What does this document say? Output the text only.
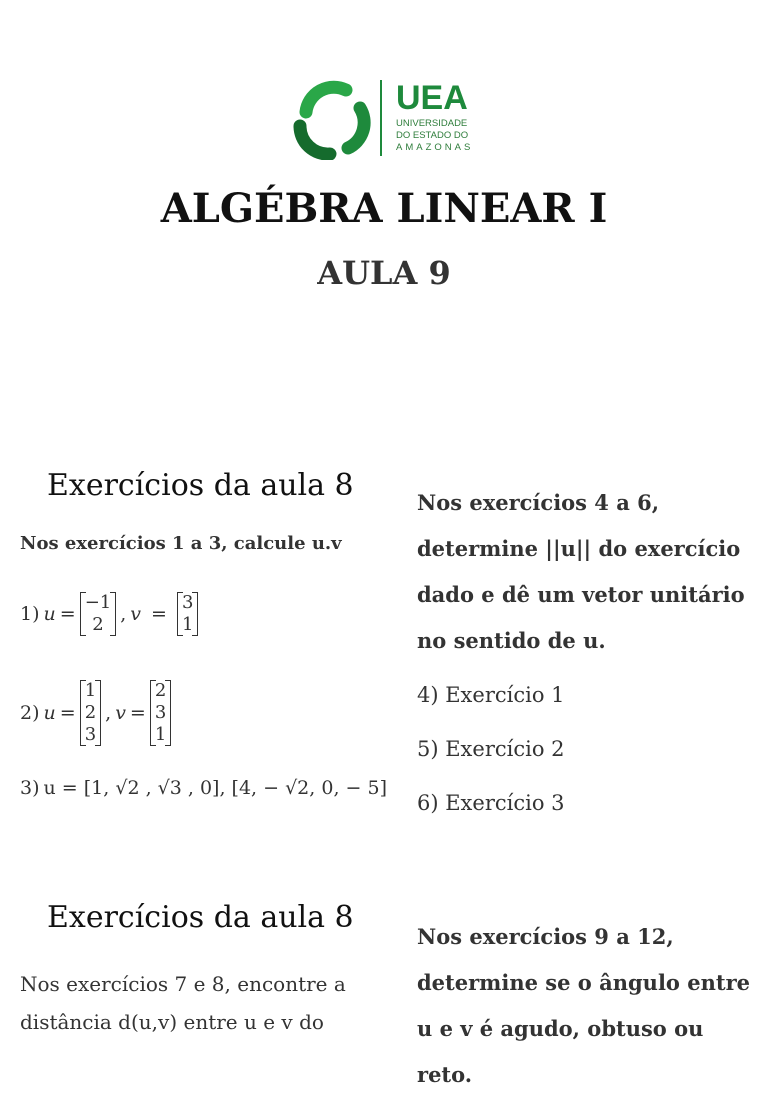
UEA
UNIVERSIDADE
DO ESTADO DO
AMAZONAS
ALGÉBRA LINEAR I
AULA 9
Exercícios da aula 8
Nos exercícios 1 a 3, calcule u.v
1) u =
−1
2 , v =
3
1
2) u =
1
2
3
, v =
2
3
1
3) u = [1, √2 , √3 , 0], [4, − √2, 0, − 5]
Nos exercícios 4 a 6,
determine ||u|| do exercício
dado e dê um vetor unitário
no sentido de u.
4) Exercício 1
5) Exercício 2
6) Exercício 3
Exercícios da aula 8
Nos exercícios 7 e 8, encontre a
distância d(u,v) entre u e v do
Nos exercícios 9 a 12,
determine se o ângulo entre
u e v é agudo, obtuso ou reto.
